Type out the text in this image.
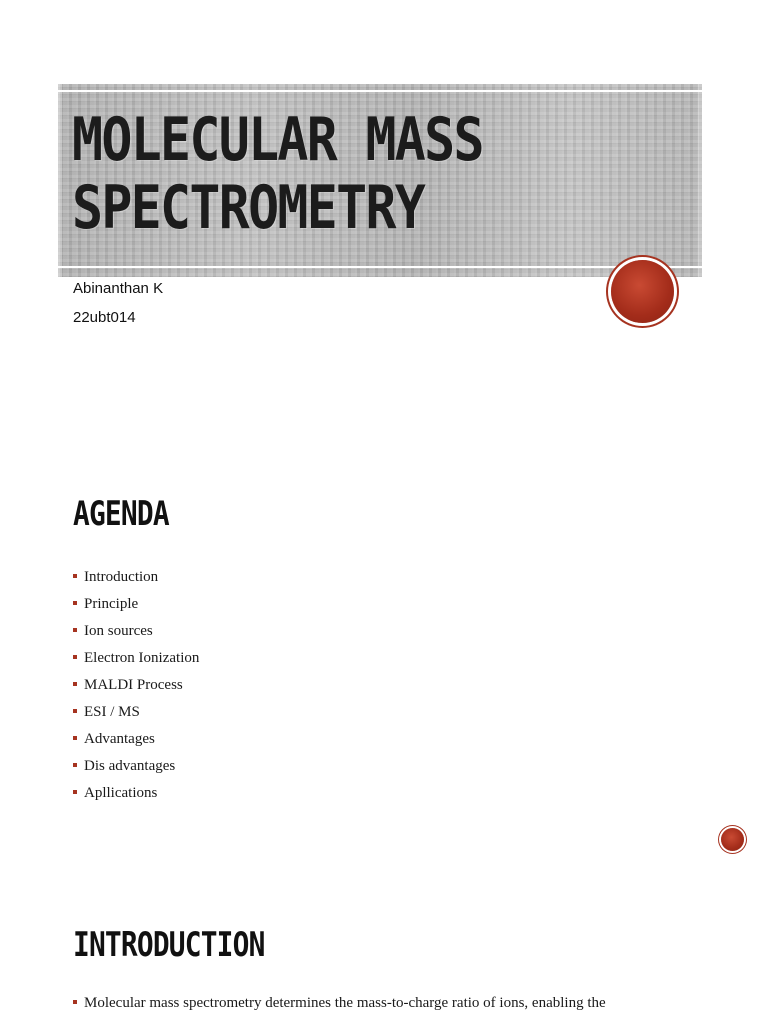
MOLECULAR MASS SPECTROMETRY
Abinanthan K
22ubt014
AGENDA
Introduction
Principle
Ion sources
Electron Ionization
MALDI Process
ESI / MS
Advantages
Dis advantages
Apllications
INTRODUCTION
Molecular mass spectrometry determines the mass-to-charge ratio of ions, enabling the
